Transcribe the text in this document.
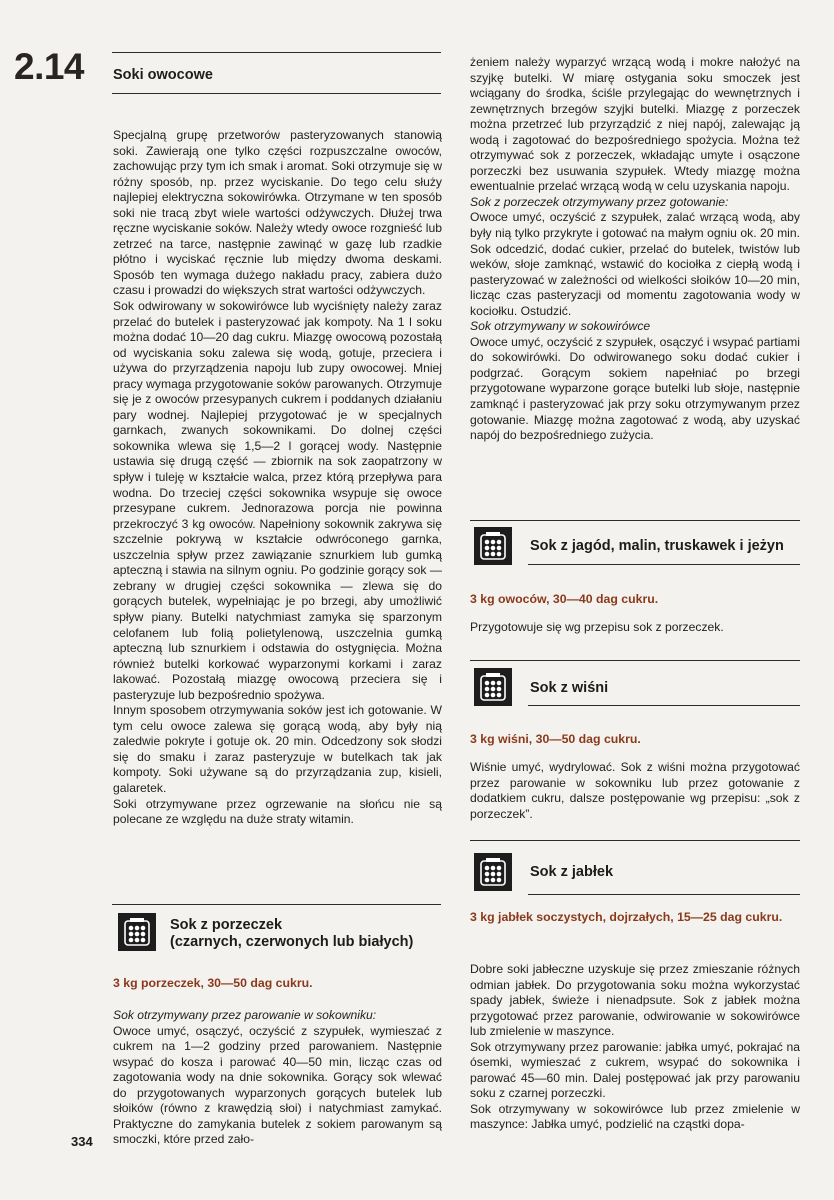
2.14 Soki owocowe

Specjalną grupę przetworów pasteryzowanych stanowią soki. Zawierają one tylko części rozpuszczalne owoców, zachowując przy tym ich smak i aromat. Soki otrzymuje się w różny sposób, np. przez wyciskanie. Do tego celu służy najlepiej elektryczna sokowirówka. Otrzymane w ten sposób soki nie tracą zbyt wiele wartości odżywczych. Dłużej trwa ręczne wyciskanie soków. Należy wtedy owoce rozgnieść lub zetrzeć na tarce, następnie zawinąć w gazę lub rzadkie płótno i wyciskać ręcznie lub między dwoma deskami. Sposób ten wymaga dużego nakładu pracy, zabiera dużo czasu i prowadzi do większych strat wartości odżywczych.

Sok odwirowany w sokowirówce lub wyciśnięty należy zaraz przelać do butelek i pasteryzować jak kompoty. Na 1 l soku można dodać 10—20 dag cukru. Miazgę owocową pozostałą od wyciskania soku zalewa się wodą, gotuje, przeciera i używa do przyrządzenia napoju lub zupy owocowej. Mniej pracy wymaga przygotowanie soków parowanych. Otrzymuje się je z owoców przesypanych cukrem i poddanych działaniu pary wodnej. Najlepiej przygotować je w specjalnych garnkach, zwanych sokownikami. Do dolnej części sokownika wlewa się 1,5—2 l gorącej wody. Następnie ustawia się drugą część — zbiornik na sok zaopatrzony w spływ i tuleję w kształcie walca, przez którą przepływa para wodna. Do trzeciej części sokownika wsypuje się owoce przesypane cukrem. Jednorazowa porcja nie powinna przekroczyć 3 kg owoców. Napełniony sokownik zakrywa się szczelnie pokrywą w kształcie odwróconego garnka, uszczelnia spływ przez zawiązanie sznurkiem lub gumką apteczną i stawia na silnym ogniu. Po godzinie gorący sok — zebrany w drugiej części sokownika — zlewa się do gorących butelek, wypełniając je po brzegi, aby umożliwić spływ piany. Butelki natychmiast zamyka się sparzonym celofanem lub folią polietylenową, uszczelnia gumką apteczną lub sznurkiem i odstawia do ostygnięcia. Można również butelki korkować wyparzonymi korkami i zaraz lakować. Pozostałą miazgę owocową przeciera się i pasteryzuje lub bezpośrednio spożywa.

Innym sposobem otrzymywania soków jest ich gotowanie. W tym celu owoce zalewa się gorącą wodą, aby były nią zaledwie pokryte i gotuje ok. 20 min. Odcedzony sok słodzi się do smaku i zaraz pasteryzuje w butelkach tak jak kompoty. Soki używane są do przyrządzania zup, kisieli, galaretek.

Soki otrzymywane przez ogrzewanie na słońcu nie są polecane ze względu na duże straty witamin.

Sok z porzeczek
(czarnych, czerwonych lub białych)
3 kg porzeczek, 30—50 dag cukru.

Sok otrzymywany przez parowanie w sokowniku:

Owoce umyć, osączyć, oczyścić z szypułek, wymieszać z cukrem na 1—2 godziny przed parowaniem. Następnie wsypać do kosza i parować 40—50 min, licząc czas od zagotowania wody na dnie sokownika. Gorący sok wlewać do przygotowanych wyparzonych gorących butelek lub słoików (równo z krawędzią słoi) i natychmiast zamykać. Praktyczne do zamykania butelek z sokiem parowanym są smoczki, które przed zało-

334

żeniem należy wyparzyć wrzącą wodą i mokre nałożyć na szyjkę butelki. W miarę ostygania soku smoczek jest wciągany do środka, ściśle przylegając do wewnętrznych i zewnętrznych brzegów szyjki butelki. Miazgę z porzeczek można przetrzeć lub przyrządzić z niej napój, zalewając ją wodą i zagotować do bezpośredniego spożycia. Można też otrzymywać sok z porzeczek, wkładając umyte i osączone porzeczki bez usuwania szypułek. Wtedy miazgę można ewentualnie przelać wrzącą wodą w celu uzyskania napoju.

Sok z porzeczek otrzymywany przez gotowanie:

Owoce umyć, oczyścić z szypułek, zalać wrzącą wodą, aby były nią tylko przykryte i gotować na małym ogniu ok. 20 min. Sok odcedzić, dodać cukier, przelać do butelek, twistów lub weków, słoje zamknąć, wstawić do kociołka z ciepłą wodą i pasteryzować w zależności od wielkości słoików 10—20 min, licząc czas pasteryzacji od momentu zagotowania wody w kociołku. Ostudzić.

Sok otrzymywany w sokowirówce

Owoce umyć, oczyścić z szypułek, osączyć i wsypać partiami do sokowirówki. Do odwirowanego soku dodać cukier i podgrzać. Gorącym sokiem napełniać po brzegi przygotowane wyparzone gorące butelki lub słoje, następnie zamknąć i pasteryzować jak przy soku otrzymywanym przez gotowanie. Miazgę można zagotować z wodą, aby uzyskać napój do bezpośredniego zużycia.

Sok z jagód, malin, truskawek i jeżyn
3 kg owoców, 30—40 dag cukru.
Przygotowuje się wg przepisu sok z porzeczek.
Sok z wiśni
3 kg wiśni, 30—50 dag cukru.
Wiśnie umyć, wydrylować. Sok z wiśni można przygotować przez parowanie w sokowniku lub przez gotowanie z dodatkiem cukru, dalsze postępowanie wg przepisu: „sok z porzeczek”.
Sok z jabłek
3 kg jabłek soczystych, dojrzałych, 15—25 dag cukru.

Dobre soki jabłeczne uzyskuje się przez zmieszanie różnych odmian jabłek. Do przygotowania soku można wykorzystać spady jabłek, świeże i nienadpsute. Sok z jabłek można przygotować przez parowanie, odwirowanie w sokowirówce lub zmielenie w maszynce.

Sok otrzymywany przez parowanie: jabłka umyć, pokrajać na ósemki, wymieszać z cukrem, wsypać do sokownika i parować 45—60 min. Dalej postępować jak przy parowaniu soku z czarnej porzeczki.

Sok otrzymywany w sokowirówce lub przez zmielenie w maszynce: Jabłka umyć, podzielić na cząstki dopa-
